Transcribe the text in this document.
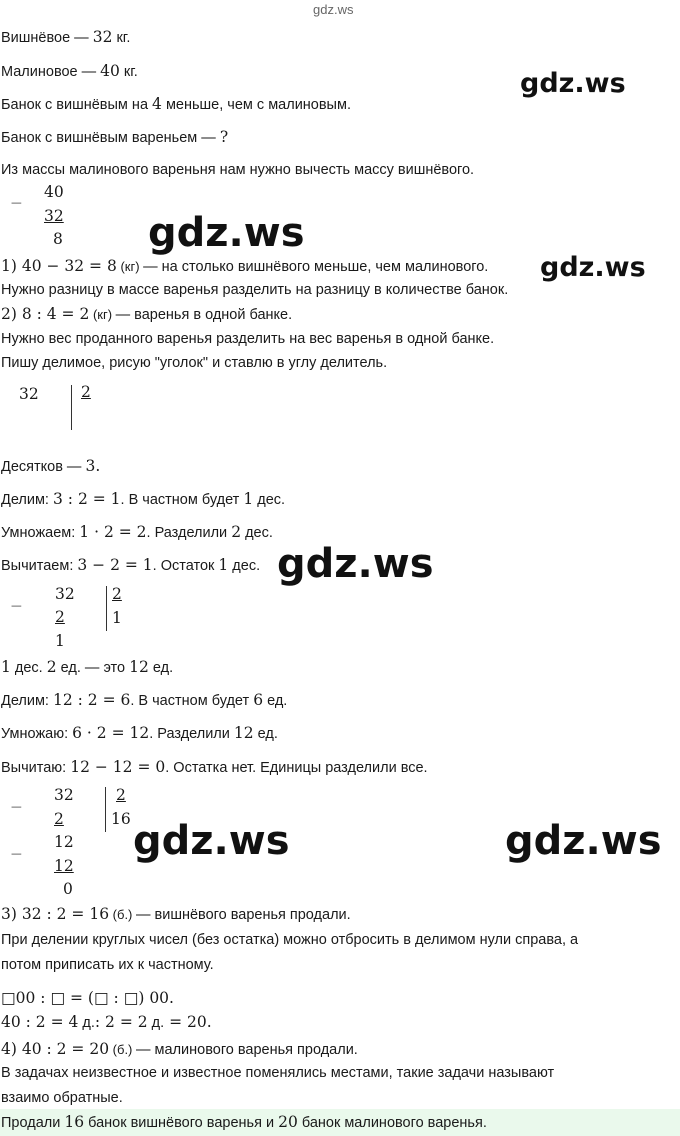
gdz.ws
Вишнёвое — 32 кг.
Малиновое — 40 кг.
Банок с вишнёвым на 4 меньше, чем с малиновым.
Банок с вишнёвым вареньем — ?
Из массы малинового вареньня нам нужно вычесть массу вишнёвого.
−
40
32
8 gdz.ws
1) 40 − 32 = 8 (кг) — на столько вишнёвого меньше, чем малинового. gdz.ws
Нужно разницу в массе варенья разделить на разницу в количестве банок.
2) 8 : 4 = 2 (кг) — варенья в одной банке.
Нужно вес проданного варенья разделить на вес варенья в одной банке.
Пишу делимое, рисую "уголок" и ставлю в углу делитель.
32	2
Десятков — 3.
Делим: 3 : 2 = 1. В частном будет 1 дес.
Умножаем: 1 · 2 = 2. Разделили 2 дес.
Вычитаем: 3 − 2 = 1. Остаток 1 дес. gdz.ws
−
32
2
1
2
1
1 дес. 2 ед. — это 12 ед.
Делим: 12 : 2 = 6. В частном будет 6 ед.
Умножаю: 6 · 2 = 12. Разделили 12 ед.
Вычитаю: 12 − 12 = 0. Остатка нет. Единицы разделили все.
−
−
32
2
12
12
0
2
16 gdz.ws	gdz.ws
3) 32 : 2 = 16 (б.) — вишнёвого варенья продали.
При делении круглых чисел (без остатка) можно отбросить в делимом нули справа, а
потом приписать их к частному.
□00 : □ = (□ : □) 00.
40 : 2 = 4 д.: 2 = 2 д. = 20.
4) 40 : 2 = 20 (б.) — малинового варенья продали.
В задачах неизвестное и известное поменялись местами, такие задачи называют
взаимо обратные.
Продали 16 банок вишнёвого варенья и 20 банок малинового варенья.
gdz.ws
